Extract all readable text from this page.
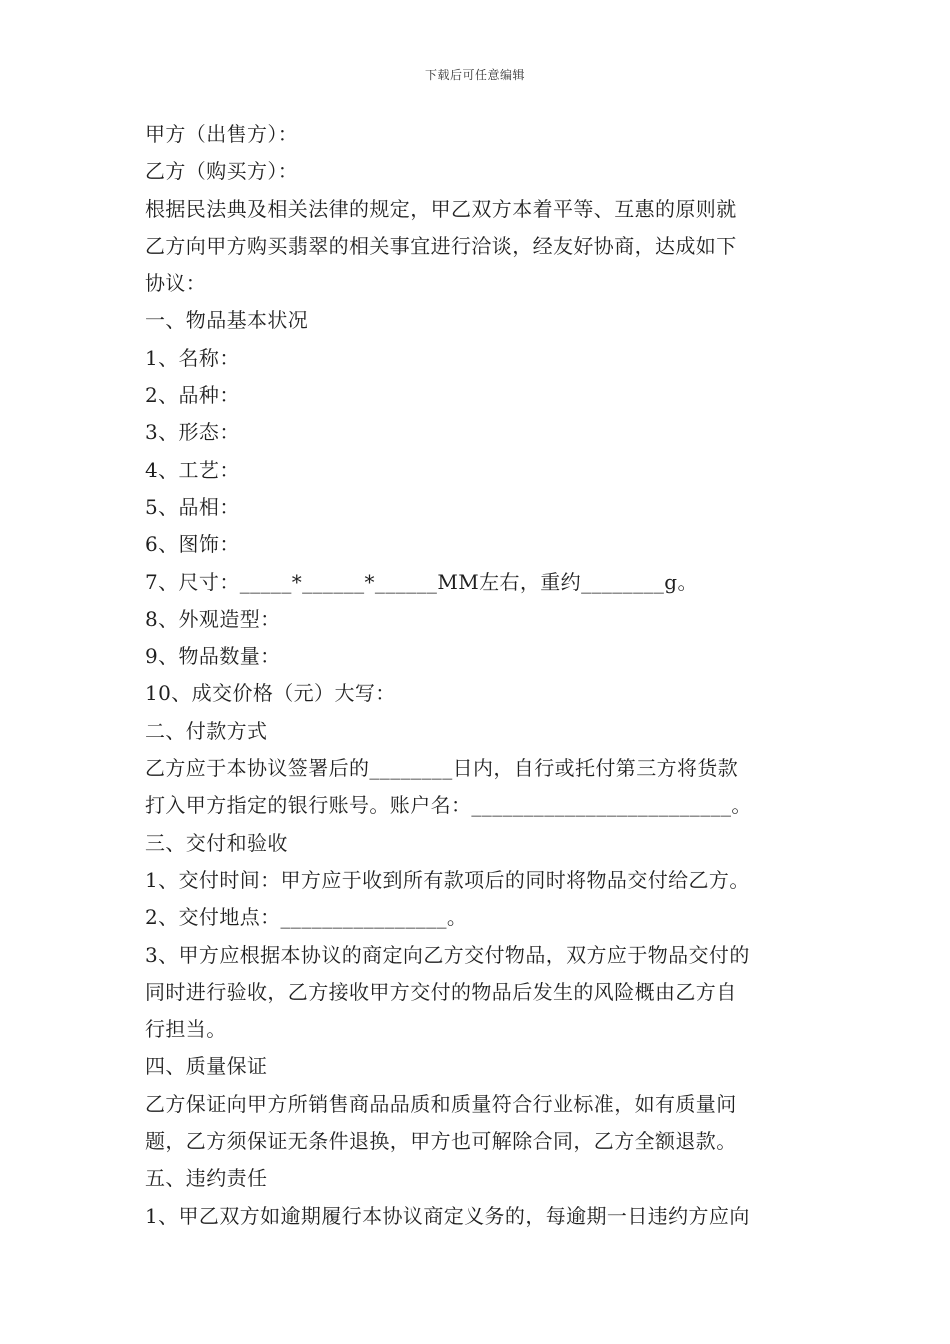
下载后可任意编辑
甲方（出售方）：
乙方（购买方）：
根据民法典及相关法律的规定，甲乙双方本着平等、互惠的原则就
乙方向甲方购买翡翠的相关事宜进行洽谈，经友好协商，达成如下
协议：
一、物品基本状况
1、名称：
2、品种：
3、形态：
4、工艺：
5、品相：
6、图饰：
7、尺寸：_____*______*______MM左右，重约________g。
8、外观造型：
9、物品数量：
10、成交价格（元）大写：
二、付款方式
乙方应于本协议签署后的________日内，自行或托付第三方将货款
打入甲方指定的银行账号。账户名：_________________________。
三、交付和验收
1、交付时间：甲方应于收到所有款项后的同时将物品交付给乙方。
2、交付地点：________________。
3、甲方应根据本协议的商定向乙方交付物品，双方应于物品交付的
同时进行验收，乙方接收甲方交付的物品后发生的风险概由乙方自
行担当。
四、质量保证
乙方保证向甲方所销售商品品质和质量符合行业标准，如有质量问
题，乙方须保证无条件退换，甲方也可解除合同，乙方全额退款。
五、违约责任
1、甲乙双方如逾期履行本协议商定义务的，每逾期一日违约方应向
